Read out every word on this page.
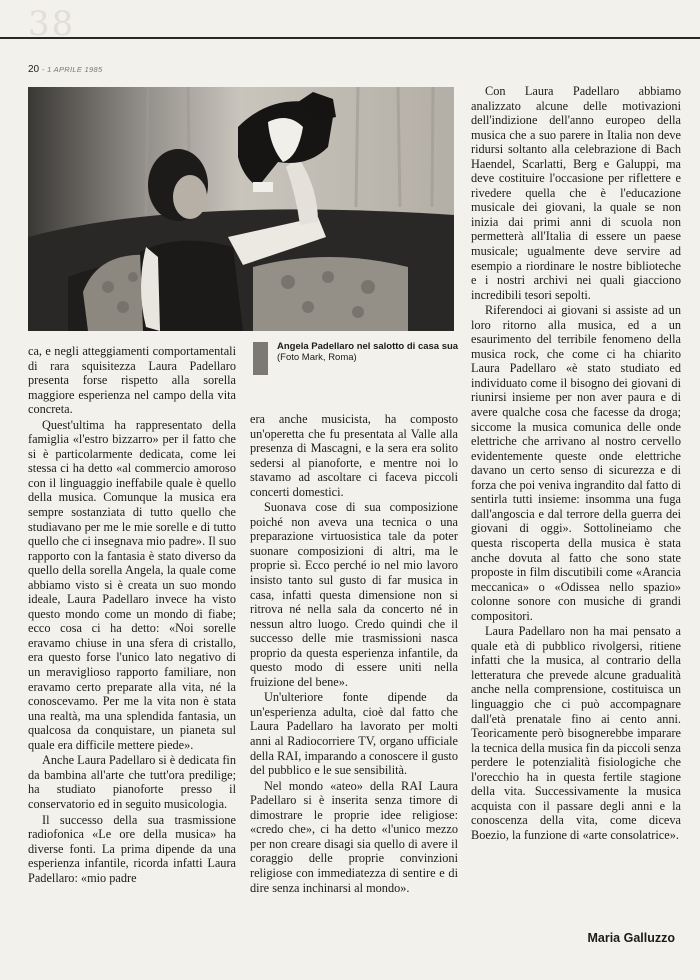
38
20 - 1 APRILE 1985
Angela Padellaro nel salotto di casa sua
(Foto Mark, Roma)

ca, e negli atteggiamenti comportamentali di rara squisitezza Laura Padellaro presenta forse rispetto alla sorella maggiore esperienza nel campo della vita concreta.

Quest'ultima ha rappresentato della famiglia «l'estro bizzarro» per il fatto che si è particolarmente dedicata, come lei stessa ci ha detto «al commercio amoroso con il linguaggio ineffabile quale è quello della musica. Comunque la musica era sempre sostanziata di tutto quello che studiavano per me le mie sorelle e di tutto quello che ci insegnava mio padre». Il suo rapporto con la fantasia è stato diverso da quello della sorella Angela, la quale come abbiamo visto si è creata un suo mondo ideale, Laura Padellaro invece ha visto questo mondo come un mondo di fiabe; ecco cosa ci ha detto: «Noi sorelle eravamo chiuse in una sfera di cristallo, era questo forse l'unico lato negativo di un meraviglioso rapporto familiare, non eravamo certo preparate alla vita, né la conoscevamo. Per me la vita non è stata una realtà, ma una splendida fantasia, un qualcosa da conquistare, un pianeta sul quale era difficile mettere piede».

Anche Laura Padellaro si è dedicata fin da bambina all'arte che tutt'ora predilige; ha studiato pianoforte presso il conservatorio ed in seguito musicologia.

Il successo della sua trasmissione radiofonica «Le ore della musica» ha diverse fonti. La prima dipende da una esperienza infantile, ricorda infatti Laura Padellaro: «mio padre

era anche musicista, ha composto un'operetta che fu presentata al Valle alla presenza di Mascagni, e la sera era solito sedersi al pianoforte, e mentre noi lo stavamo ad ascoltare ci faceva piccoli concerti domestici.

Suonava cose di sua composizione poiché non aveva una tecnica o una preparazione virtuosistica tale da poter suonare composizioni di altri, ma le proprie sì. Ecco perché io nel mio lavoro insisto tanto sul gusto di far musica in casa, infatti questa dimensione non si ritrova né nella sala da concerto né in nessun altro luogo. Credo quindi che il successo delle mie trasmissioni nasca proprio da questa esperienza infantile, da questo modo di essere uniti nella fruizione del bene».

Un'ulteriore fonte dipende da un'esperienza adulta, cioè dal fatto che Laura Padellaro ha lavorato per molti anni al Radiocorriere TV, organo ufficiale della RAI, imparando a conoscere il gusto del pubblico e le sue sensibilità.

Nel mondo «ateo» della RAI Laura Padellaro si è inserita senza timore di dimostrare le proprie idee religiose: «credo che», ci ha detto «l'unico mezzo per non creare disagi sia quello di avere il coraggio delle proprie convinzioni religiose con immediatezza di sentire e di dire senza inchinarsi al mondo».

Con Laura Padellaro abbiamo analizzato alcune delle motivazioni dell'indizione dell'anno europeo della musica che a suo parere in Italia non deve ridursi soltanto alla celebrazione di Bach Haendel, Scarlatti, Berg e Galuppi, ma deve costituire l'occasione per riflettere e rivedere quella che è l'educazione musicale dei giovani, la quale se non inizia dai primi anni di scuola non permetterà all'Italia di essere un paese musicale; ugualmente deve servire ad esempio a riordinare le nostre biblioteche e i nostri archivi nei quali giacciono incredibili tesori sepolti.

Riferendoci ai giovani si assiste ad un loro ritorno alla musica, ed a un esaurimento del terribile fenomeno della musica rock, che come ci ha chiarito Laura Padellaro «è stato studiato ed individuato come il bisogno dei giovani di riunirsi insieme per non aver paura e di avere qualche cosa che facesse da droga; siccome la musica comunica delle onde elettriche che arrivano al nostro cervello evidentemente queste onde elettriche davano un certo senso di sicurezza e di forza che poi veniva ingrandito dal fatto di sentirla tutti insieme: insomma una fuga dall'angoscia e dal terrore della guerra dei giovani di oggi». Sottolineiamo che questa riscoperta della musica è stata anche dovuta al fatto che sono state proposte in film discutibili come «Arancia meccanica» o «Odissea nello spazio» colonne sonore con musiche di grandi compositori.

Laura Padellaro non ha mai pensato a quale età di pubblico rivolgersi, ritiene infatti che la musica, al contrario della letteratura che prevede alcune gradualità anche nella comprensione, costituisca un linguaggio che ci può accompagnare dall'età prenatale fino ai cento anni. Teoricamente però bisognerebbe imparare la tecnica della musica fin da piccoli senza perdere le potenzialità fisiologiche che l'orecchio ha in questa fertile stagione della vita. Successivamente la musica acquista con il passare degli anni e la conoscenza della vita, come diceva Boezio, la funzione di «arte consolatrice».

Maria Galluzzo
